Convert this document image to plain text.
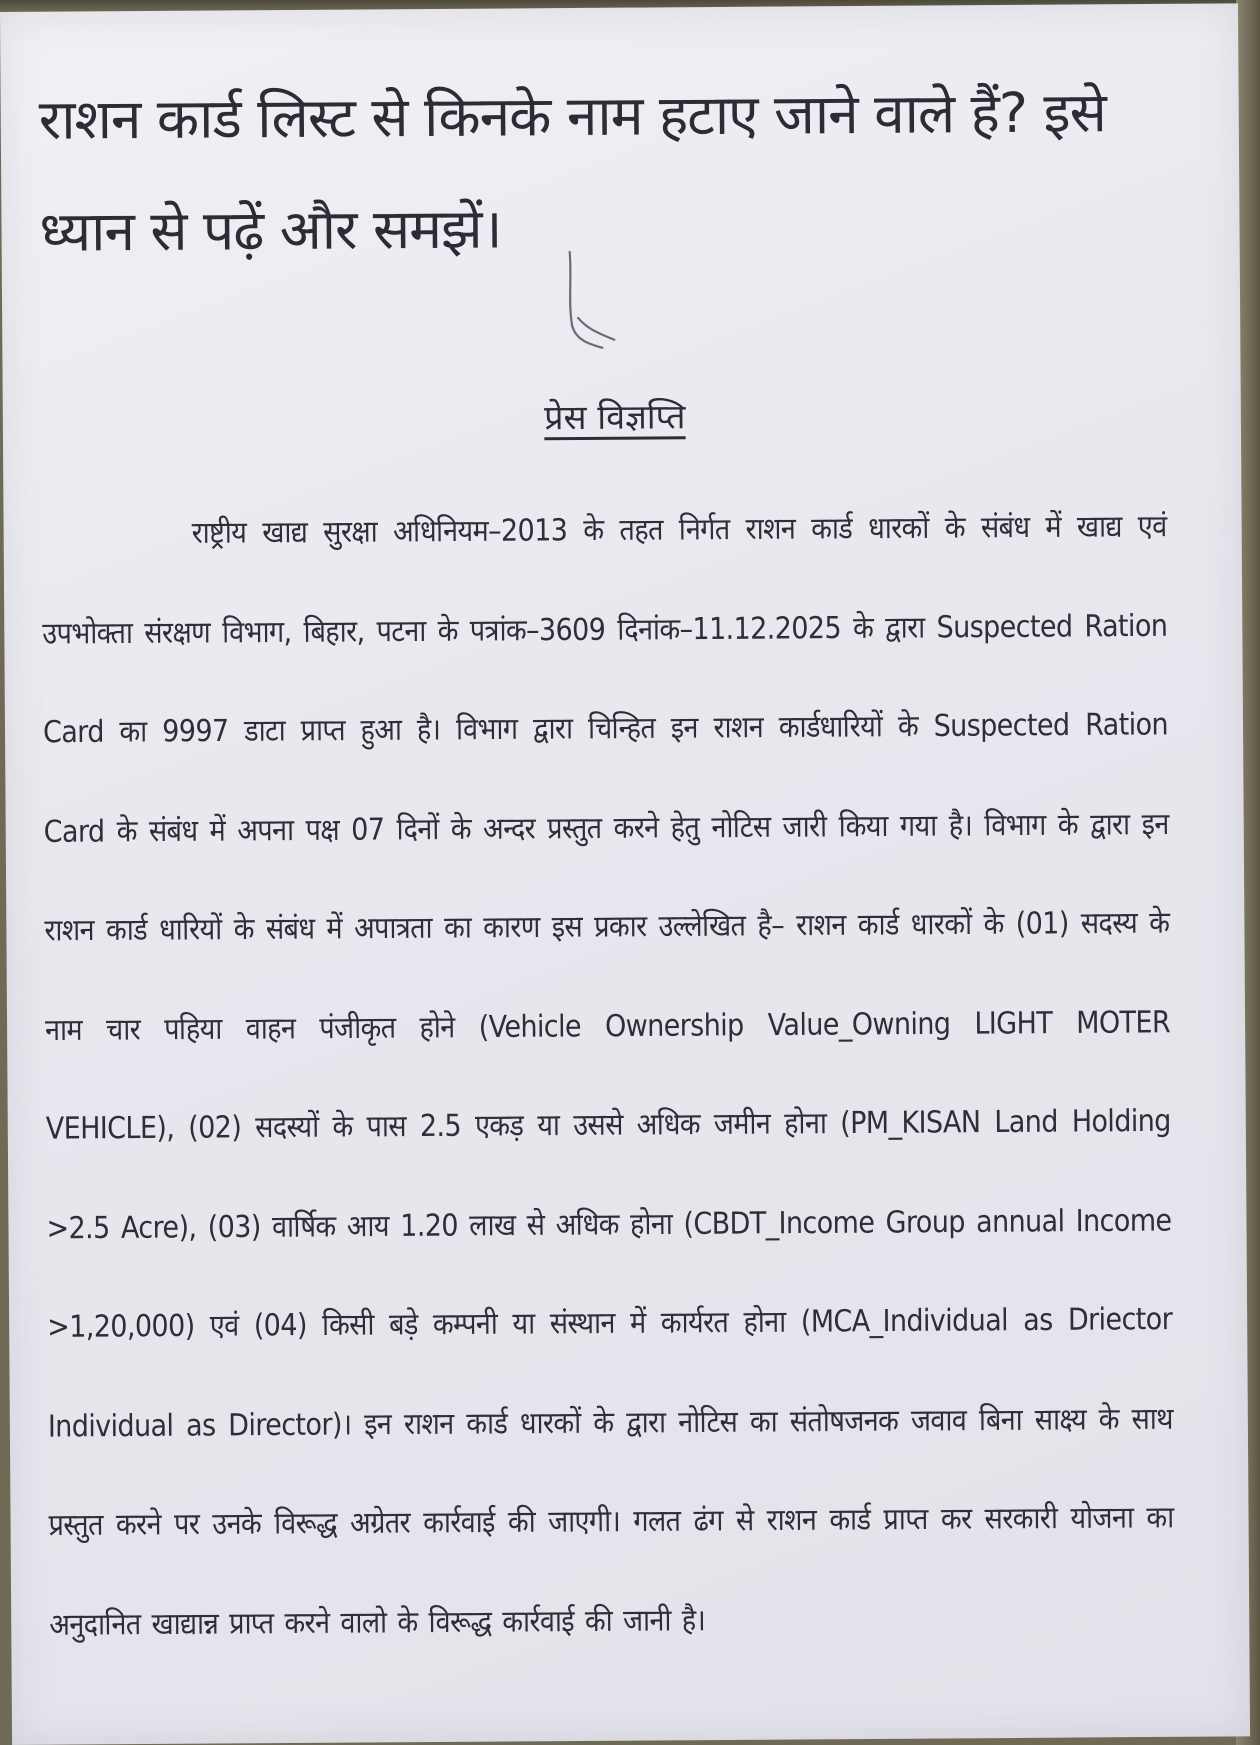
राशन कार्ड लिस्ट से किनके नाम हटाए जाने वाले हैं? इसे ध्यान से पढ़ें और समझें।
प्रेस विज्ञप्ति

राष्ट्रीय खाद्य सुरक्षा अधिनियम–2013 के तहत निर्गत राशन कार्ड धारकों के संबंध में खाद्य एवं उपभोक्ता संरक्षण विभाग, बिहार, पटना के पत्रांक–3609 दिनांक–11.12.2025 के द्वारा Suspected Ration Card का 9997 डाटा प्राप्त हुआ है। विभाग द्वारा चिन्हित इन राशन कार्डधारियों के Suspected Ration Card के संबंध में अपना पक्ष 07 दिनों के अन्दर प्रस्तुत करने हेतु नोटिस जारी किया गया है। विभाग के द्वारा इन राशन कार्ड धारियों के संबंध में अपात्रता का कारण इस प्रकार उल्लेखित है– राशन कार्ड धारकों के (01) सदस्य के नाम चार पहिया वाहन पंजीकृत होने (Vehicle Ownership Value_Owning LIGHT MOTER VEHICLE), (02) सदस्यों के पास 2.5 एकड़ या उससे अधिक जमीन होना (PM_KISAN Land Holding >2.5 Acre), (03) वार्षिक आय 1.20 लाख से अधिक होना (CBDT_Income Group annual Income >1,20,000) एवं (04) किसी बड़े कम्पनी या संस्थान में कार्यरत होना (MCA_Individual as Driector Individual as Director)। इन राशन कार्ड धारकों के द्वारा नोटिस का संतोषजनक जवाव बिना साक्ष्य के साथ प्रस्तुत करने पर उनके विरूद्ध अग्रेतर कार्रवाई की जाएगी। गलत ढंग से राशन कार्ड प्राप्त कर सरकारी योजना का अनुदानित खाद्यान्न प्राप्त करने वालो के विरूद्ध कार्रवाई की जानी है।
